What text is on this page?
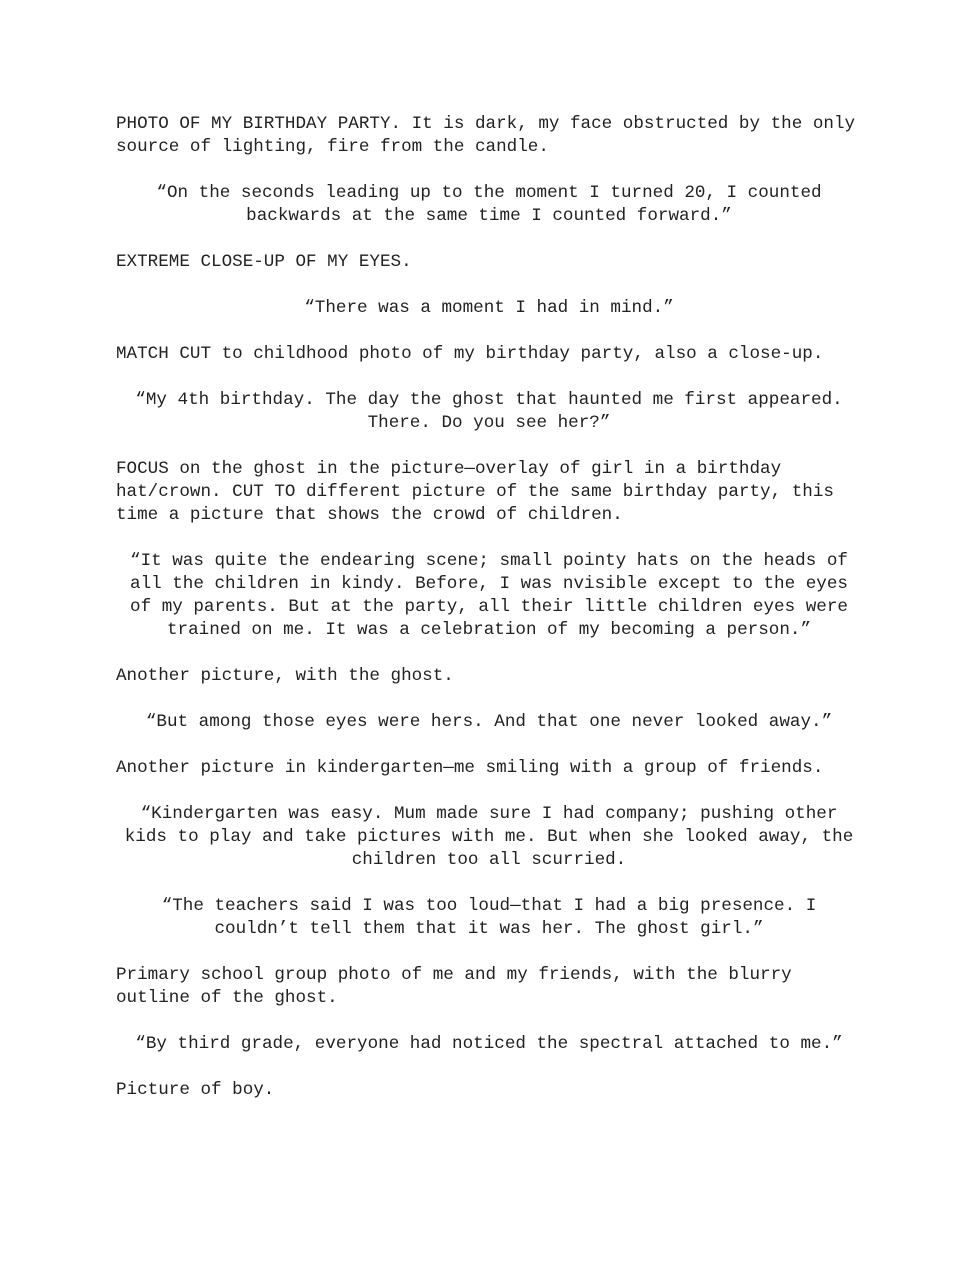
PHOTO OF MY BIRTHDAY PARTY. It is dark, my face obstructed by the only source of lighting, fire from the candle.

“On the seconds leading up to the moment I turned 20, I counted backwards at the same time I counted forward.”

EXTREME CLOSE-UP OF MY EYES.

“There was a moment I had in mind.”

MATCH CUT to childhood photo of my birthday party, also a close-up.

“My 4th birthday. The day the ghost that haunted me first appeared. There. Do you see her?”

FOCUS on the ghost in the picture—overlay of girl in a birthday hat/crown. CUT TO different picture of the same birthday party, this time a picture that shows the crowd of children.

“It was quite the endearing scene; small pointy hats on the heads of all the children in kindy. Before, I was nvisible except to the eyes of my parents. But at the party, all their little children eyes were trained on me. It was a celebration of my becoming a person.”

Another picture, with the ghost.

“But among those eyes were hers. And that one never looked away.”

Another picture in kindergarten—me smiling with a group of friends.

“Kindergarten was easy. Mum made sure I had company; pushing other kids to play and take pictures with me. But when she looked away, the children too all scurried.

“The teachers said I was too loud—that I had a big presence. I couldn’t tell them that it was her. The ghost girl.”

Primary school group photo of me and my friends, with the blurry outline of the ghost.

“By third grade, everyone had noticed the spectral attached to me.”

Picture of boy.
